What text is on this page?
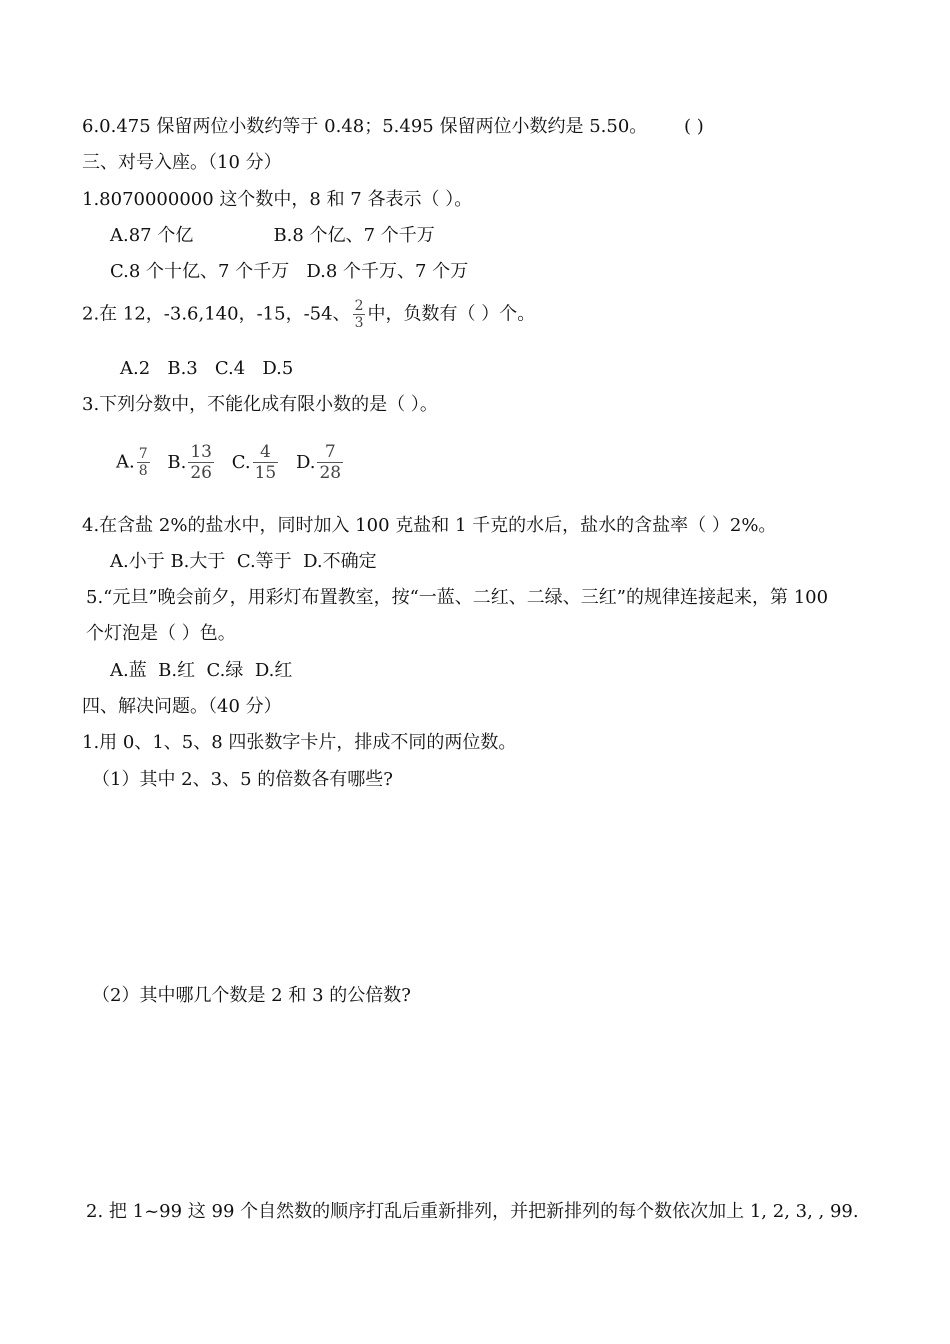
6.0.475 保留两位小数约等于 0.48；5.495 保留两位小数约是 5.50。 ( )
三、对号入座。（10 分）
1.8070000000 这个数中，8 和 7 各表示（ ）。
A.87 个亿              B.8 个亿、7 个千万
C.8 个十亿、7 个千万   D.8 个千万、7 个万
2.在 12，-3.6,140，-15，-54、 $\frac{2}{3}$ 中，负数有（ ）个。
A.2   B.3   C.4   D.5
3.下列分数中，不能化成有限小数的是（ ）。
A. $\frac{7}{8} B$. $\frac{13}{26} C$. $\frac{4}{15} D$. $\frac{7}{28}$
4.在含盐 2%的盐水中，同时加入 100 克盐和 1 千克的水后，盐水的含盐率（ ）2%。
A.小于 B.大于  C.等于  D.不确定
5.“元旦”晚会前夕，用彩灯布置教室，按“一蓝、二红、二绿、三红”的规律连接起来，第 100
个灯泡是（ ）色。
A.蓝  B.红  C.绿  D.红
四、解决问题。（40 分）
1.用 0、1、5、8 四张数字卡片，排成不同的两位数。
（1）其中 2、3、5 的倍数各有哪些?
（2）其中哪几个数是 2 和 3 的公倍数?
2. 把 1~99 这 99 个自然数的顺序打乱后重新排列，并把新排列的每个数依次加上 1, 2, 3, , 99.
